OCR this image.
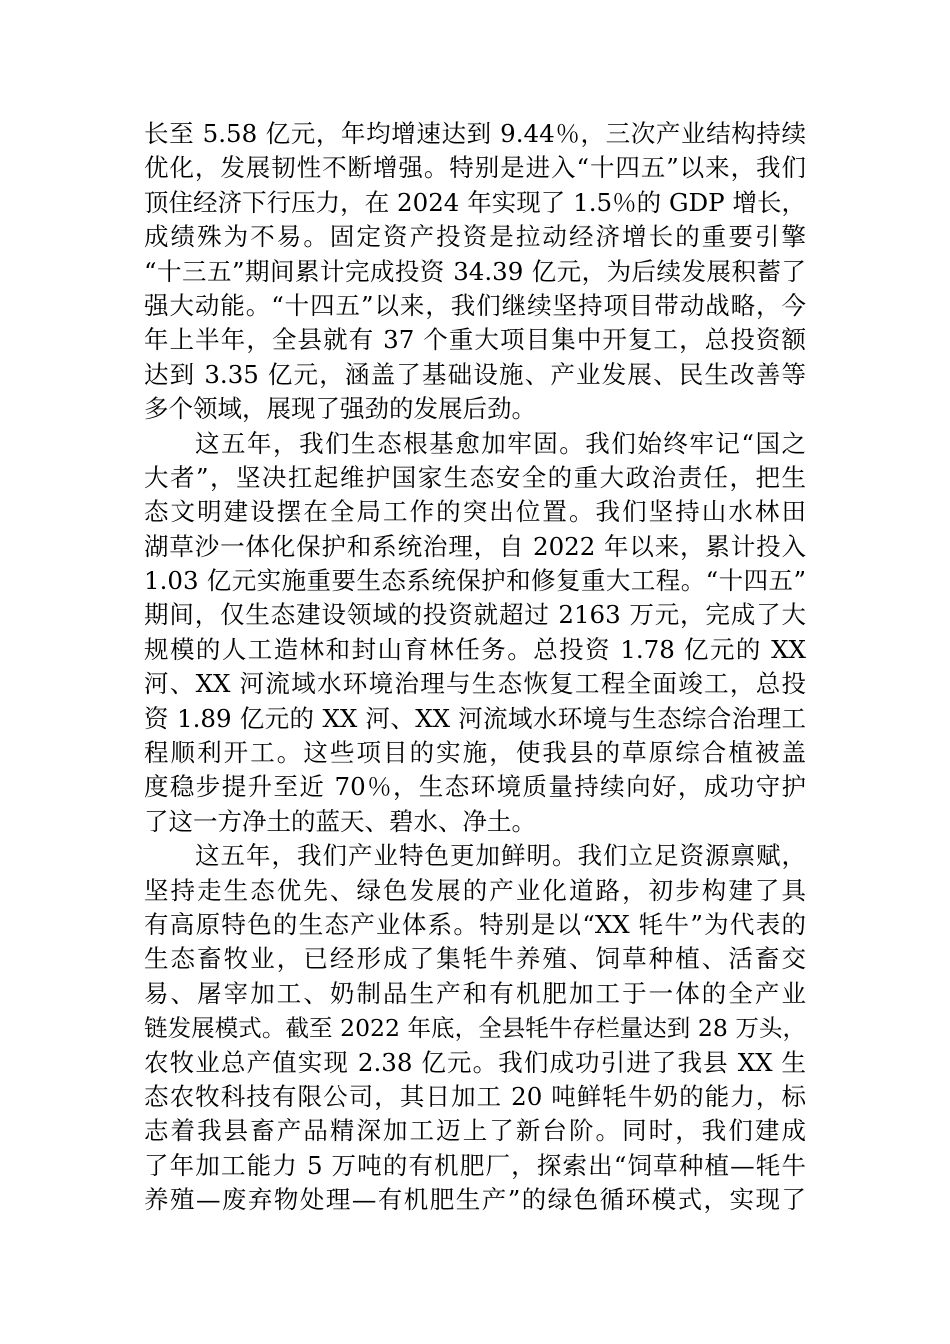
长至 5.58 亿元，年均增速达到 9.44％，三次产业结构持续
优化，发展韧性不断增强。特别是进入“十四五”以来，我们
顶住经济下行压力，在 2024 年实现了 1.5％的 GDP 增长，
成绩殊为不易。固定资产投资是拉动经济增长的重要引擎
“十三五”期间累计完成投资 34.39 亿元，为后续发展积蓄了
强大动能。“十四五”以来，我们继续坚持项目带动战略，今
年上半年，全县就有 37 个重大项目集中开复工，总投资额
达到 3.35 亿元，涵盖了基础设施、产业发展、民生改善等
多个领域，展现了强劲的发展后劲。
这五年，我们生态根基愈加牢固。我们始终牢记“国之
大者”，坚决扛起维护国家生态安全的重大政治责任，把生
态文明建设摆在全局工作的突出位置。我们坚持山水林田
湖草沙一体化保护和系统治理，自 2022 年以来，累计投入
1.03 亿元实施重要生态系统保护和修复重大工程。“十四五”
期间，仅生态建设领域的投资就超过 2163 万元，完成了大
规模的人工造林和封山育林任务。总投资 1.78 亿元的 XX
河、XX 河流域水环境治理与生态恢复工程全面竣工，总投
资 1.89 亿元的 XX 河、XX 河流域水环境与生态综合治理工
程顺利开工。这些项目的实施，使我县的草原综合植被盖
度稳步提升至近 70％，生态环境质量持续向好，成功守护
了这一方净土的蓝天、碧水、净土。
这五年，我们产业特色更加鲜明。我们立足资源禀赋，
坚持走生态优先、绿色发展的产业化道路，初步构建了具
有高原特色的生态产业体系。特别是以“XX 牦牛”为代表的
生态畜牧业，已经形成了集牦牛养殖、饲草种植、活畜交
易、屠宰加工、奶制品生产和有机肥加工于一体的全产业
链发展模式。截至 2022 年底，全县牦牛存栏量达到 28 万头，
农牧业总产值实现 2.38 亿元。我们成功引进了我县 XX 生
态农牧科技有限公司，其日加工 20 吨鲜牦牛奶的能力，标
志着我县畜产品精深加工迈上了新台阶。同时，我们建成
了年加工能力 5 万吨的有机肥厂，探索出“饲草种植—牦牛
养殖—废弃物处理—有机肥生产”的绿色循环模式，实现了
